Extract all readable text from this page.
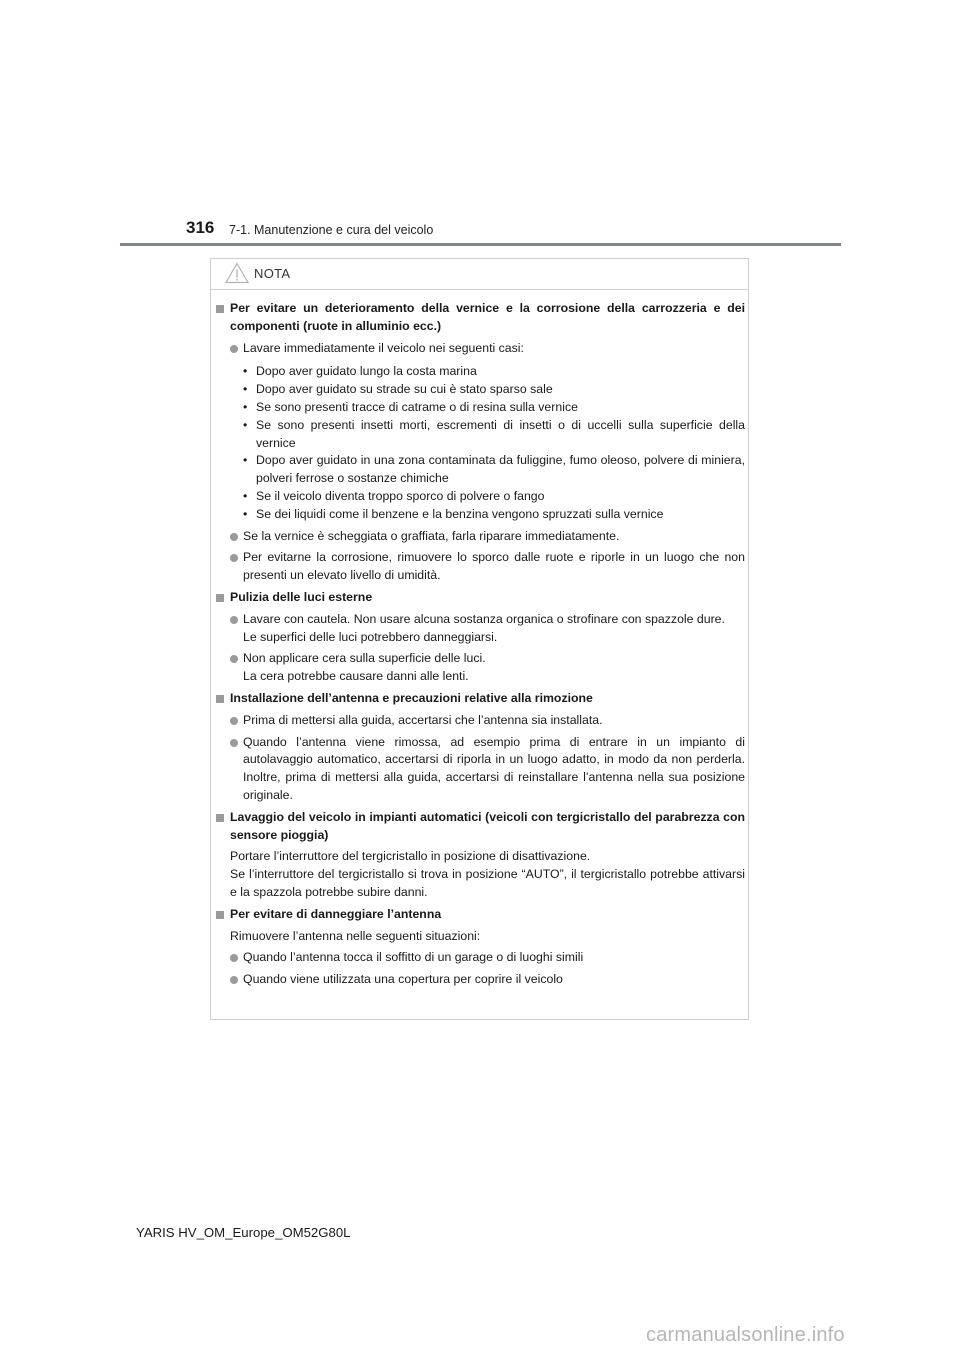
316 7-1. Manutenzione e cura del veicolo
NOTA
Per evitare un deterioramento della vernice e la corrosione della carrozzeria e dei componenti (ruote in alluminio ecc.)
Lavare immediatamente il veicolo nei seguenti casi:
• Dopo aver guidato lungo la costa marina
• Dopo aver guidato su strade su cui è stato sparso sale
• Se sono presenti tracce di catrame o di resina sulla vernice
• Se sono presenti insetti morti, escrementi di insetti o di uccelli sulla superficie della vernice
• Dopo aver guidato in una zona contaminata da fuliggine, fumo oleoso, polvere di miniera, polveri ferrose o sostanze chimiche
• Se il veicolo diventa troppo sporco di polvere o fango
• Se dei liquidi come il benzene e la benzina vengono spruzzati sulla vernice
Se la vernice è scheggiata o graffiata, farla riparare immediatamente.
Per evitarne la corrosione, rimuovere lo sporco dalle ruote e riporle in un luogo che non presenti un elevato livello di umidità.
Pulizia delle luci esterne
Lavare con cautela. Non usare alcuna sostanza organica o strofinare con spazzole dure.
Le superfici delle luci potrebbero danneggiarsi.
Non applicare cera sulla superficie delle luci.
La cera potrebbe causare danni alle lenti.
Installazione dell’antenna e precauzioni relative alla rimozione
Prima di mettersi alla guida, accertarsi che l’antenna sia installata.
Quando l’antenna viene rimossa, ad esempio prima di entrare in un impianto di autolavaggio automatico, accertarsi di riporla in un luogo adatto, in modo da non perderla. Inoltre, prima di mettersi alla guida, accertarsi di reinstallare l’antenna nella sua posizione originale.
Lavaggio del veicolo in impianti automatici (veicoli con tergicristallo del parabrezza con sensore pioggia)
Portare l’interruttore del tergicristallo in posizione di disattivazione.
Se l’interruttore del tergicristallo si trova in posizione “AUTO”, il tergicristallo potrebbe attivarsi e la spazzola potrebbe subire danni.
Per evitare di danneggiare l’antenna
Rimuovere l’antenna nelle seguenti situazioni:
Quando l’antenna tocca il soffitto di un garage o di luoghi simili
Quando viene utilizzata una copertura per coprire il veicolo
YARIS HV_OM_Europe_OM52G80L
carmanualsonline.info
